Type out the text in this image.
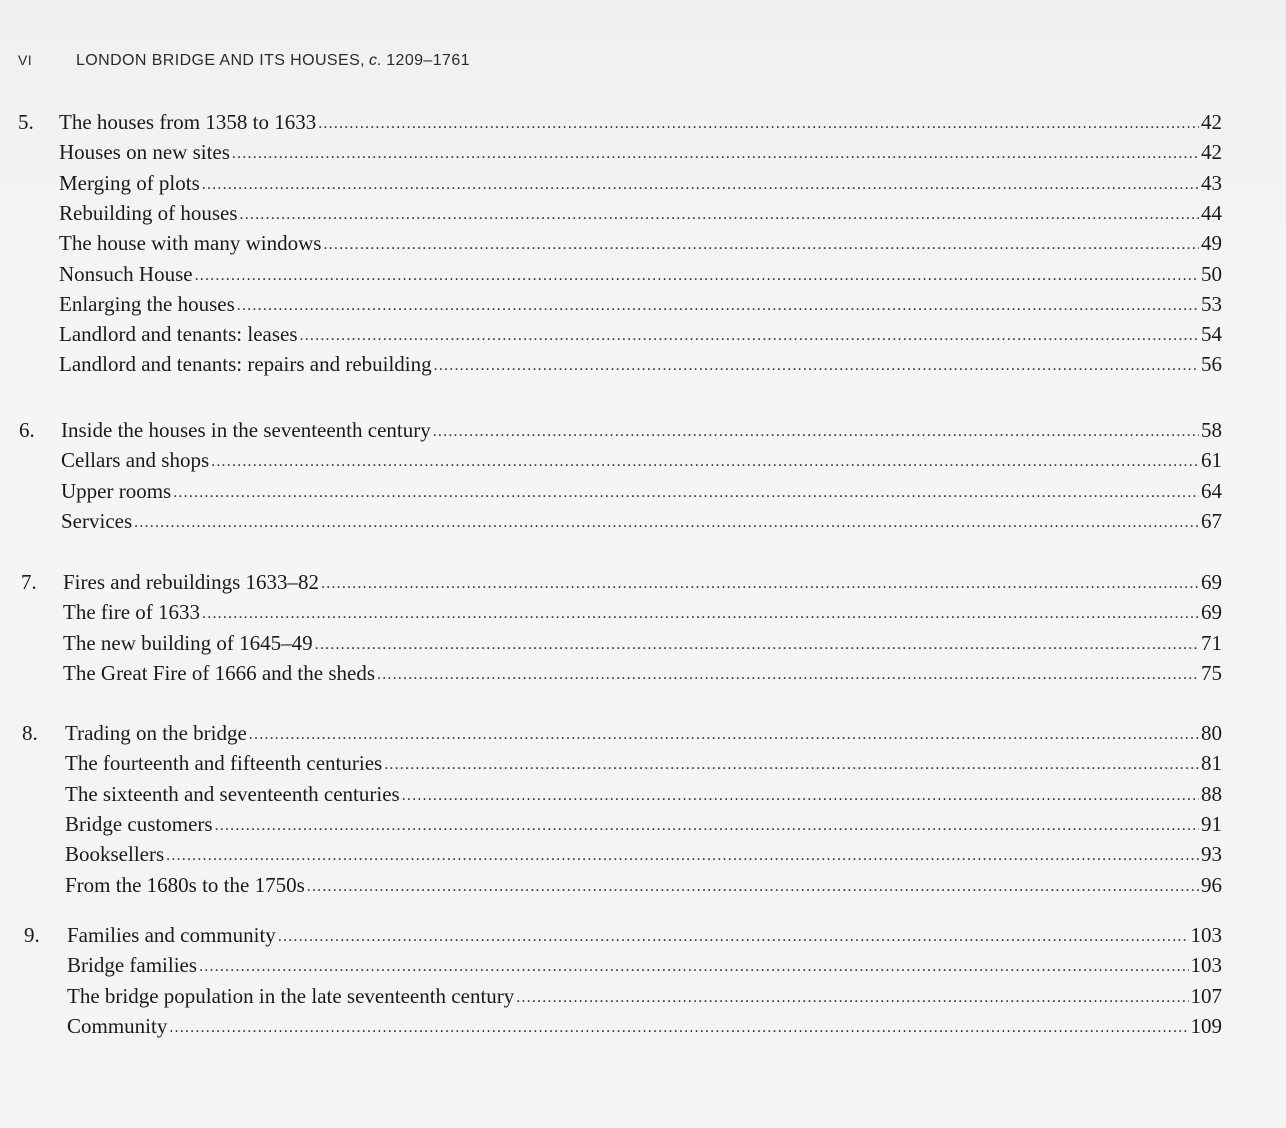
VI	LONDON BRIDGE AND ITS HOUSES, c. 1209–1761
5. The houses from 1358 to 1633 .....	42
Houses on new sites .....	42
Merging of plots .....	43
Rebuilding of houses .....	44
The house with many windows .....	49
Nonsuch House .....	50
Enlarging the houses .....	53
Landlord and tenants: leases .....	54
Landlord and tenants: repairs and rebuilding .....	56
6. Inside the houses in the seventeenth century .....	58
Cellars and shops .....	61
Upper rooms .....	64
Services .....	67
7. Fires and rebuildings 1633–82 .....	69
The fire of 1633 .....	69
The new building of 1645–49 .....	71
The Great Fire of 1666 and the sheds .....	75
8. Trading on the bridge .....	80
The fourteenth and fifteenth centuries .....	81
The sixteenth and seventeenth centuries .....	88
Bridge customers .....	91
Booksellers .....	93
From the 1680s to the 1750s .....	96
9. Families and community .....	103
Bridge families .....	103
The bridge population in the late seventeenth century .....	107
Community .....	109
